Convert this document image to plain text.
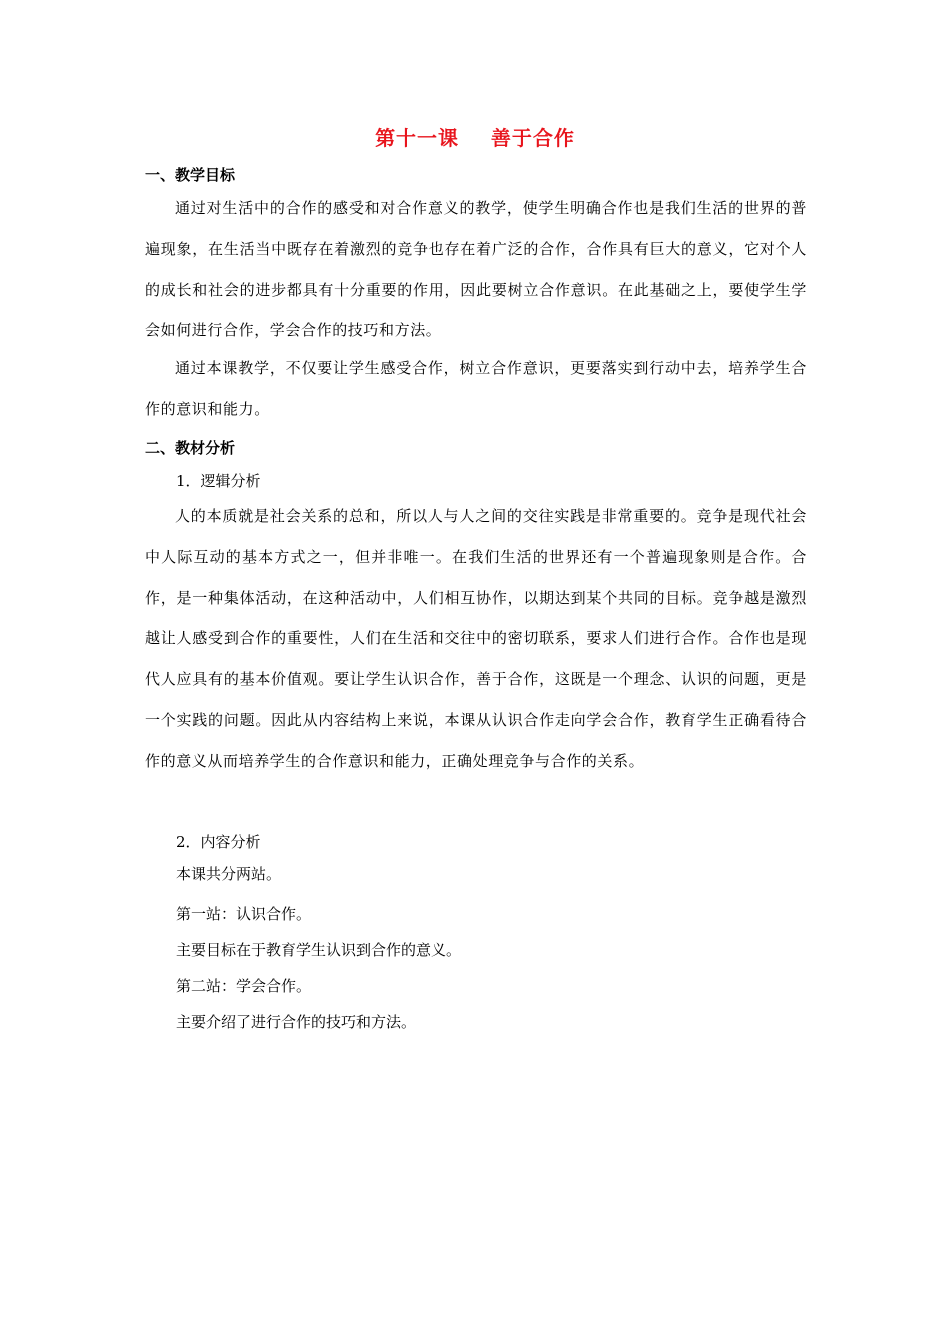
第十一课    善于合作
一、教学目标
通过对生活中的合作的感受和对合作意义的教学，使学生明确合作也是我们生活的世界的普遍现象，在生活当中既存在着激烈的竞争也存在着广泛的合作，合作具有巨大的意义，它对个人的成长和社会的进步都具有十分重要的作用，因此要树立合作意识。在此基础之上，要使学生学会如何进行合作，学会合作的技巧和方法。
通过本课教学，不仅要让学生感受合作，树立合作意识，更要落实到行动中去，培养学生合作的意识和能力。
二、教材分析
1．逻辑分析
人的本质就是社会关系的总和，所以人与人之间的交往实践是非常重要的。竞争是现代社会中人际互动的基本方式之一，但并非唯一。在我们生活的世界还有一个普遍现象则是合作。合作，是一种集体活动，在这种活动中，人们相互协作，以期达到某个共同的目标。竞争越是激烈越让人感受到合作的重要性，人们在生活和交往中的密切联系，要求人们进行合作。合作也是现代人应具有的基本价值观。要让学生认识合作，善于合作，这既是一个理念、认识的问题，更是一个实践的问题。因此从内容结构上来说，本课从认识合作走向学会合作，教育学生正确看待合作的意义从而培养学生的合作意识和能力，正确处理竞争与合作的关系。
2．内容分析
本课共分两站。
第一站：认识合作。
主要目标在于教育学生认识到合作的意义。
第二站：学会合作。
主要介绍了进行合作的技巧和方法。
